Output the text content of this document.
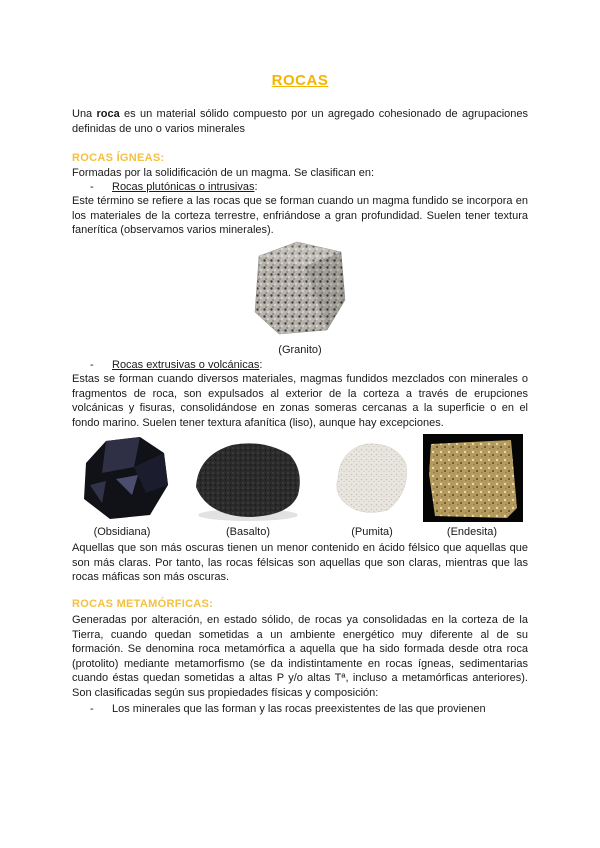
ROCAS
Una roca es un material sólido compuesto por un agregado cohesionado de agrupaciones definidas de uno o varios minerales
ROCAS ÍGNEAS:
Formadas por la solidificación de un magma. Se clasifican en:
- Rocas plutónicas o intrusivas:
Este término se refiere a las rocas que se forman cuando un magma fundido se incorpora en los materiales de la corteza terrestre, enfriándose a gran profundidad. Suelen tener textura fanerítica (observamos varios minerales).
(Granito)
- Rocas extrusivas o volcánicas:
Estas se forman cuando diversos materiales, magmas fundidos mezclados con minerales o fragmentos de roca, son expulsados al exterior de la corteza a través de erupciones volcánicas y fisuras, consolidándose en zonas someras cercanas a la superficie o en el fondo marino. Suelen tener textura afanítica (liso), aunque hay excepciones.
(Obsidiana)	(Basalto)	(Pumita)	(Endesita)
Aquellas que son más oscuras tienen un menor contenido en ácido félsico que aquellas que son más claras. Por tanto, las rocas félsicas son aquellas que son claras, mientras que las rocas máficas son más oscuras.
ROCAS METAMÓRFICAS:
Generadas por alteración, en estado sólido, de rocas ya consolidadas en la corteza de la Tierra, cuando quedan sometidas a un ambiente energético muy diferente al de su formación. Se denomina roca metamórfica a aquella que ha sido formada desde otra roca (protolito) mediante metamorfismo (se da indistintamente en rocas ígneas, sedimentarias cuando éstas quedan sometidas a altas P y/o altas Tª, incluso a metamórficas anteriores). Son clasificadas según sus propiedades físicas y composición:
- Los minerales que las forman y las rocas preexistentes de las que provienen
